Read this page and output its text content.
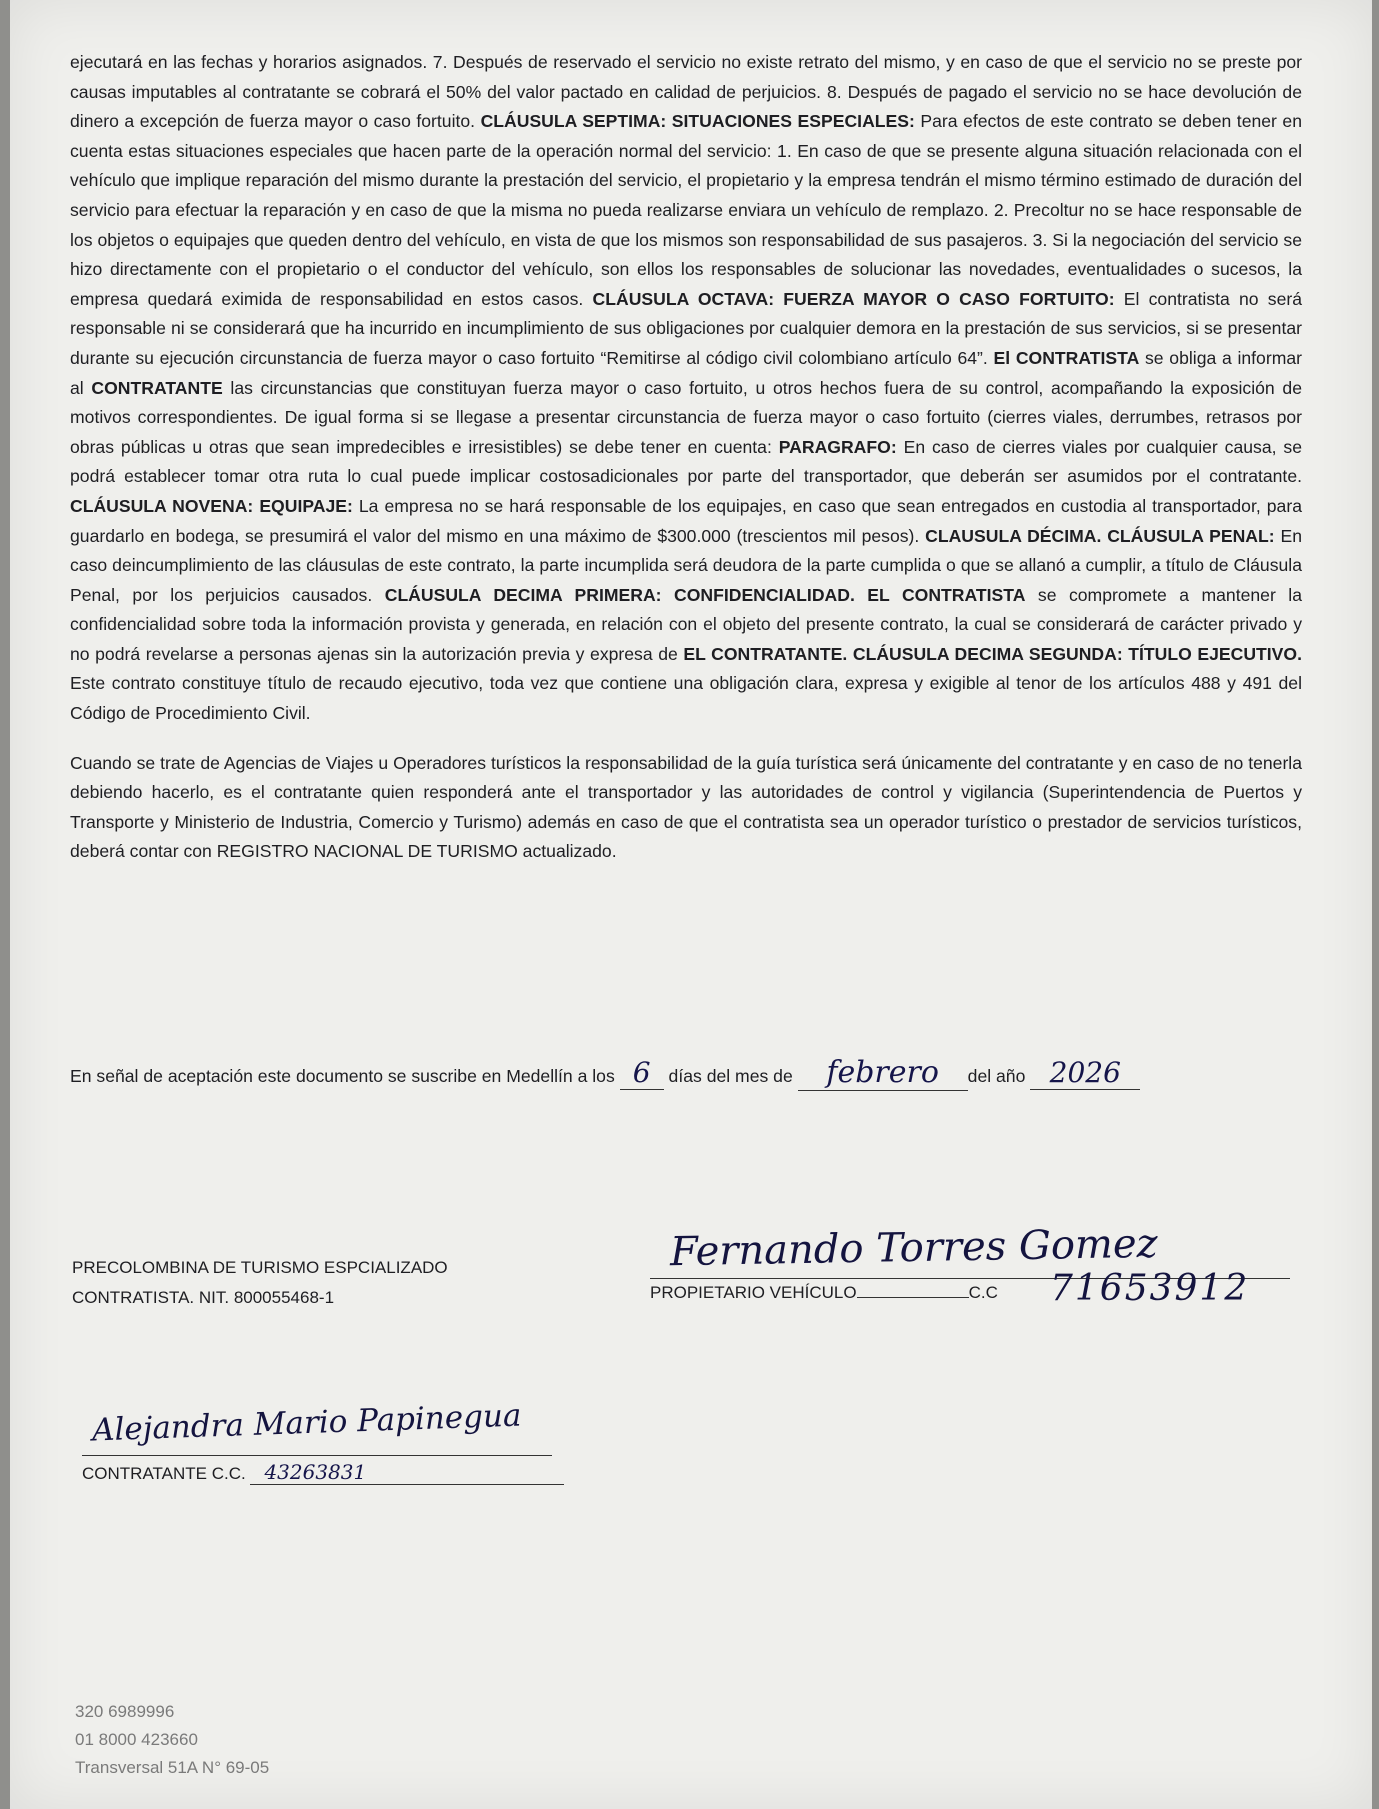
ejecutará en las fechas y horarios asignados. 7. Después de reservado el servicio no existe retrato del mismo, y en caso de que el servicio no se preste por causas imputables al contratante se cobrará el 50% del valor pactado en calidad de perjuicios. 8. Después de pagado el servicio no se hace devolución de dinero a excepción de fuerza mayor o caso fortuito. CLÁUSULA SEPTIMA: SITUACIONES ESPECIALES: Para efectos de este contrato se deben tener en cuenta estas situaciones especiales que hacen parte de la operación normal del servicio: 1. En caso de que se presente alguna situación relacionada con el vehículo que implique reparación del mismo durante la prestación del servicio, el propietario y la empresa tendrán el mismo término estimado de duración del servicio para efectuar la reparación y en caso de que la misma no pueda realizarse enviara un vehículo de remplazo. 2. Precoltur no se hace responsable de los objetos o equipajes que queden dentro del vehículo, en vista de que los mismos son responsabilidad de sus pasajeros. 3. Si la negociación del servicio se hizo directamente con el propietario o el conductor del vehículo, son ellos los responsables de solucionar las novedades, eventualidades o sucesos, la empresa quedará eximida de responsabilidad en estos casos. CLÁUSULA OCTAVA: FUERZA MAYOR O CASO FORTUITO: El contratista no será responsable ni se considerará que ha incurrido en incumplimiento de sus obligaciones por cualquier demora en la prestación de sus servicios, si se presentar durante su ejecución circunstancia de fuerza mayor o caso fortuito “Remitirse al código civil colombiano artículo 64”. El CONTRATISTA se obliga a informar al CONTRATANTE las circunstancias que constituyan fuerza mayor o caso fortuito, u otros hechos fuera de su control, acompañando la exposición de motivos correspondientes. De igual forma si se llegase a presentar circunstancia de fuerza mayor o caso fortuito (cierres viales, derrumbes, retrasos por obras públicas u otras que sean impredecibles e irresistibles) se debe tener en cuenta: PARAGRAFO: En caso de cierres viales por cualquier causa, se podrá establecer tomar otra ruta lo cual puede implicar costosadicionales por parte del transportador, que deberán ser asumidos por el contratante. CLÁUSULA NOVENA: EQUIPAJE: La empresa no se hará responsable de los equipajes, en caso que sean entregados en custodia al transportador, para guardarlo en bodega, se presumirá el valor del mismo en una máximo de $300.000 (trescientos mil pesos). CLAUSULA DÉCIMA. CLÁUSULA PENAL: En caso deincumplimiento de las cláusulas de este contrato, la parte incumplida será deudora de la parte cumplida o que se allanó a cumplir, a título de Cláusula Penal, por los perjuicios causados. CLÁUSULA DECIMA PRIMERA: CONFIDENCIALIDAD. EL CONTRATISTA se compromete a mantener la confidencialidad sobre toda la información provista y generada, en relación con el objeto del presente contrato, la cual se considerará de carácter privado y no podrá revelarse a personas ajenas sin la autorización previa y expresa de EL CONTRATANTE. CLÁUSULA DECIMA SEGUNDA: TÍTULO EJECUTIVO. Este contrato constituye título de recaudo ejecutivo, toda vez que contiene una obligación clara, expresa y exigible al tenor de los artículos 488 y 491 del Código de Procedimiento Civil.
Cuando se trate de Agencias de Viajes u Operadores turísticos la responsabilidad de la guía turística será únicamente del contratante y en caso de no tenerla debiendo hacerlo, es el contratante quien responderá ante el transportador y las autoridades de control y vigilancia (Superintendencia de Puertos y Transporte y Ministerio de Industria, Comercio y Turismo) además en caso de que el contratista sea un operador turístico o prestador de servicios turísticos, deberá contar con REGISTRO NACIONAL DE TURISMO actualizado.
En señal de aceptación este documento se suscribe en Medellín a los 6 días del mes de febrero del año 2026
PRECOLOMBINA DE TURISMO ESPCIALIZADO
CONTRATISTA. NIT. 800055468-1
Fernando Torres Gomez
PROPIETARIO VEHÍCULO	C.C 71653912
Alejandra Mario Papinegua
CONTRATANTE C.C. 43263831
320 6989996
01 8000 423660
Transversal 51A N° 69-05
